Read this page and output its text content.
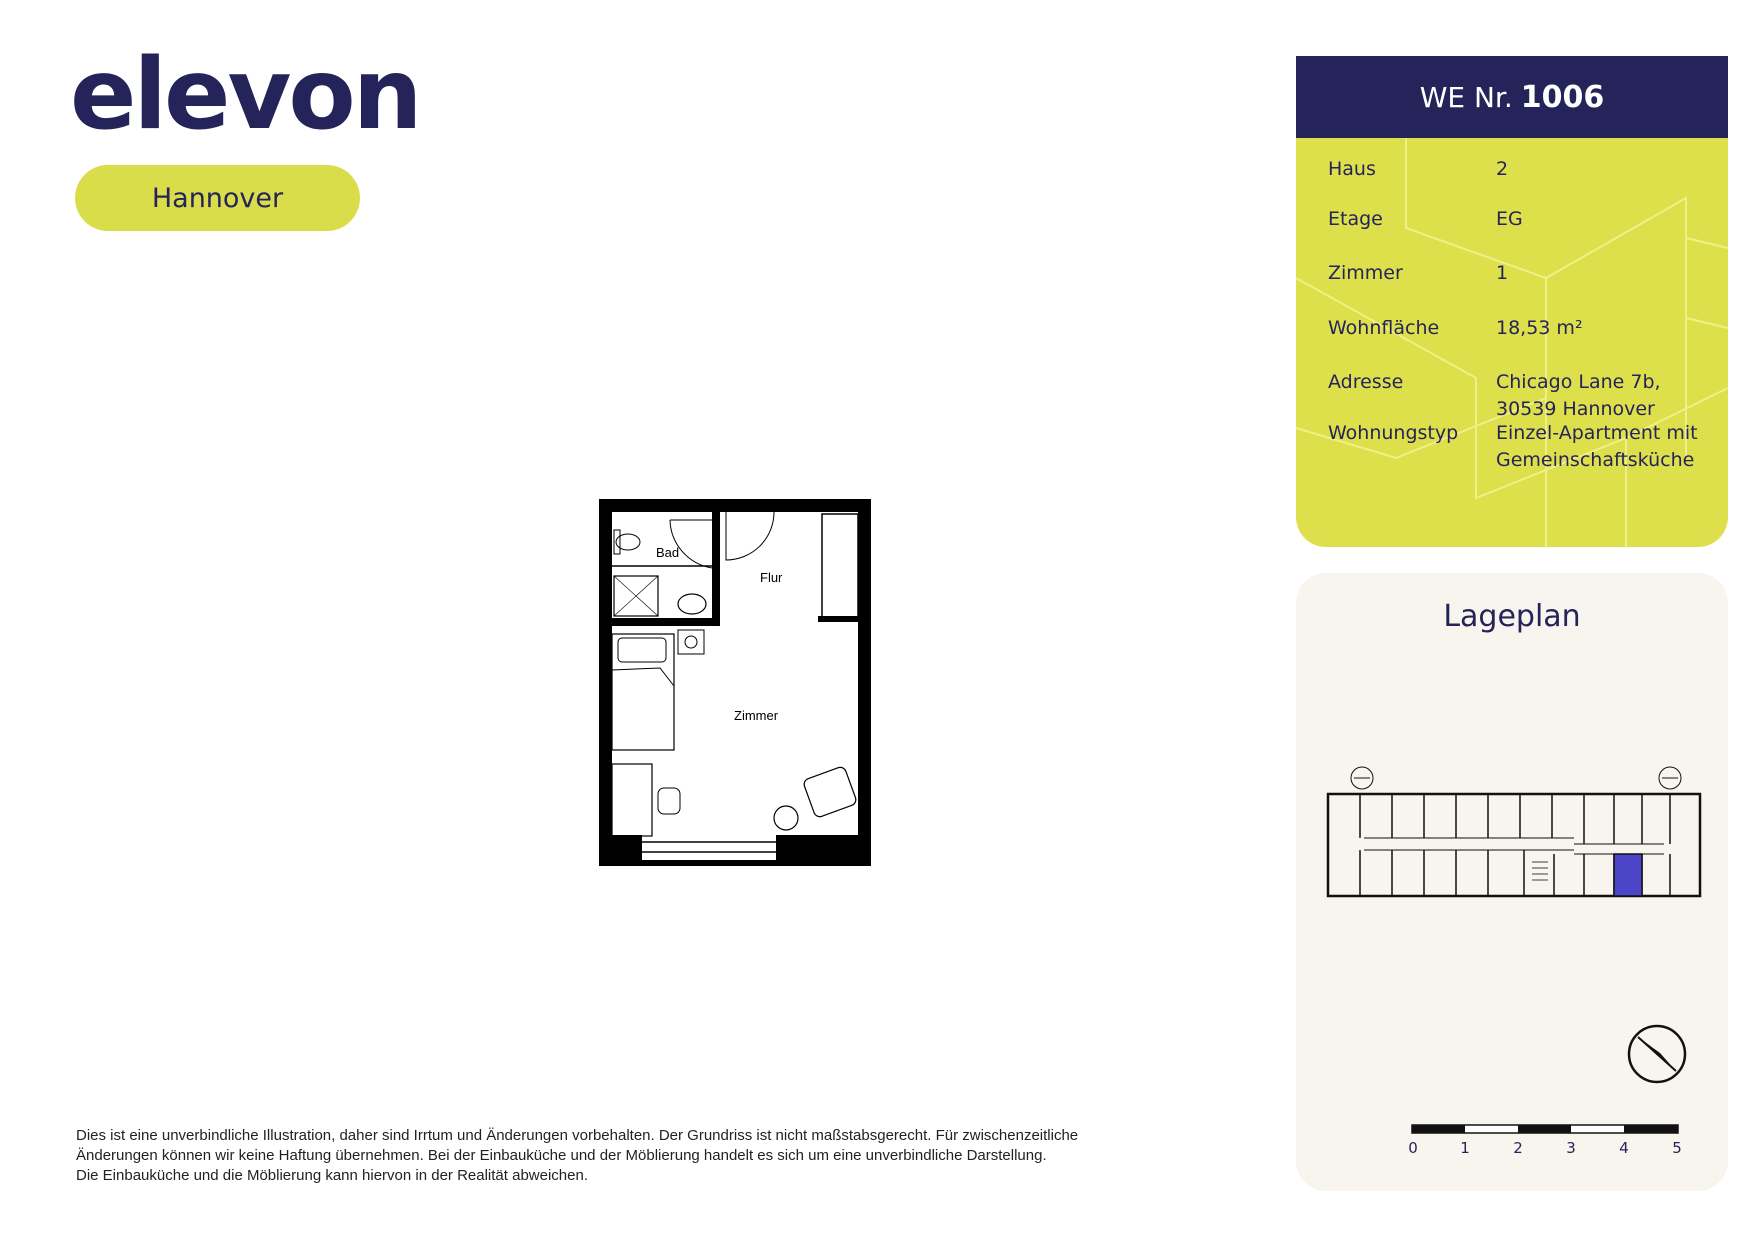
elevon
Hannover
Bad
Flur
Zimmer
Dies ist eine unverbindliche Illustration, daher sind Irrtum und Änderungen vorbehalten. Der Grundriss ist nicht maßstabsgerecht. Für zwischenzeitliche
Änderungen können wir keine Haftung übernehmen. Bei der Einbauküche und der Möblierung handelt es sich um eine unverbindliche Darstellung.
Die Einbauküche und die Möblierung kann hiervon in der Realität abweichen.
WE Nr. 1006
Haus	2
Etage	EG
Zimmer	1
Wohnfläche	18,53 m²
Adresse	Chicago Lane 7b,
30539 Hannover
Wohnungstyp Einzel-Apartment mit
Gemeinschaftsküche
Lageplan
0	1	2	3	4	5
